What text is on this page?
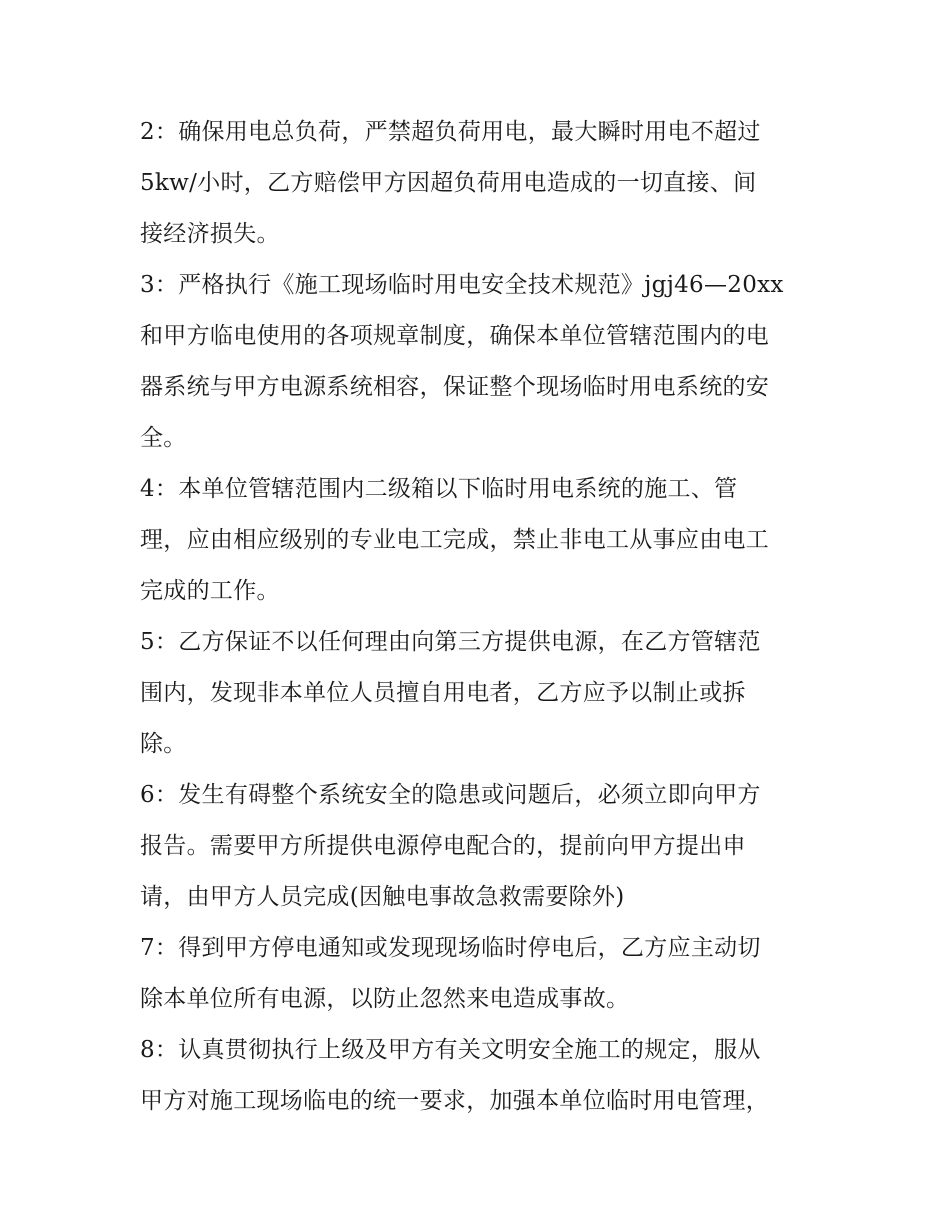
2：确保用电总负荷，严禁超负荷用电，最大瞬时用电不超过
5kw/小时，乙方赔偿甲方因超负荷用电造成的一切直接、间
接经济损失。
3：严格执行《施工现场临时用电安全技术规范》jgj46—20xx
和甲方临电使用的各项规章制度，确保本单位管辖范围内的电
器系统与甲方电源系统相容，保证整个现场临时用电系统的安
全。
4：本单位管辖范围内二级箱以下临时用电系统的施工、管
理，应由相应级别的专业电工完成，禁止非电工从事应由电工
完成的工作。
5：乙方保证不以任何理由向第三方提供电源，在乙方管辖范
围内，发现非本单位人员擅自用电者，乙方应予以制止或拆
除。
6：发生有碍整个系统安全的隐患或问题后，必须立即向甲方
报告。需要甲方所提供电源停电配合的，提前向甲方提出申
请，由甲方人员完成(因触电事故急救需要除外)
7：得到甲方停电通知或发现现场临时停电后，乙方应主动切
除本单位所有电源，以防止忽然来电造成事故。
8：认真贯彻执行上级及甲方有关文明安全施工的规定，服从
甲方对施工现场临电的统一要求，加强本单位临时用电管理，
